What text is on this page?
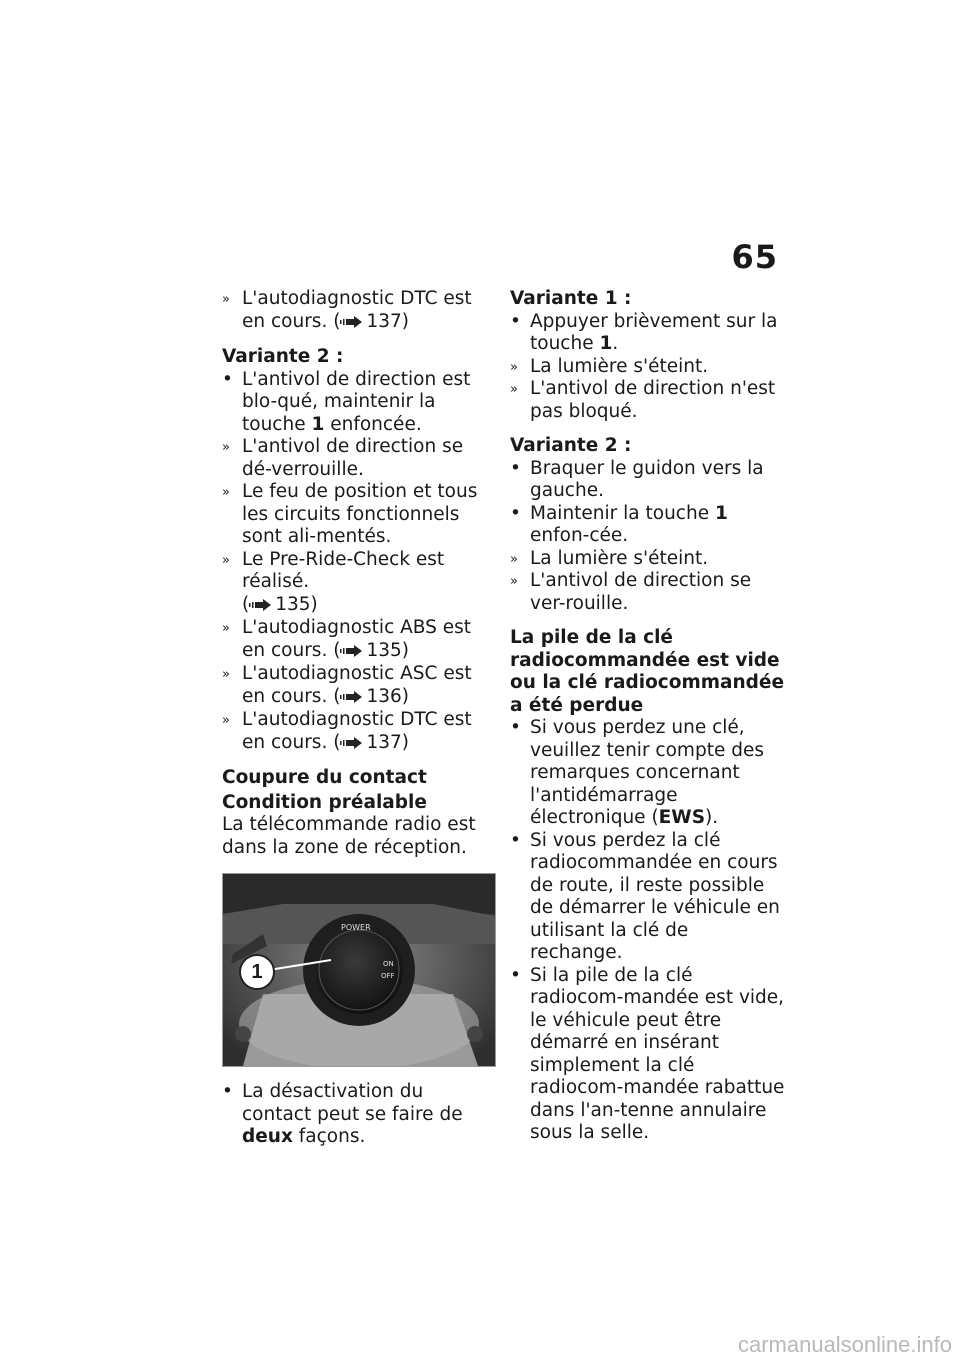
65

» L'autodiagnostic DTC est en cours. ( 137)

Variante 2 :

• L'antivol de direction est blo-qué, maintenir la touche 1 enfoncée.

» L'antivol de direction se dé-verrouille.

» Le feu de position et tous les circuits fonctionnels sont ali-mentés.

» Le Pre-Ride-Check est réalisé.
( 135)

» L'autodiagnostic ABS est en cours. ( 135)

» L'autodiagnostic ASC est en cours. ( 136)

» L'autodiagnostic DTC est en cours. ( 137)

Coupure du contact
Condition préalable

La télécommande radio est dans la zone de réception.

POWER
ON
OFF
1

• La désactivation du contact peut se faire de deux façons.

Variante 1 :

• Appuyer brièvement sur la touche 1.

» La lumière s'éteint.

» L'antivol de direction n'est pas bloqué.

Variante 2 :

• Braquer le guidon vers la gauche.

• Maintenir la touche 1 enfon-cée.

» La lumière s'éteint.

» L'antivol de direction se ver-rouille.

La pile de la clé radiocommandée est vide ou la clé radiocommandée a été perdue

• Si vous perdez une clé, veuillez tenir compte des remarques concernant l'antidémarrage électronique (EWS).

• Si vous perdez la clé radiocommandée en cours de route, il reste possible de démarrer le véhicule en utilisant la clé de rechange.

• Si la pile de la clé radiocom-mandée est vide, le véhicule peut être démarré en insérant simplement la clé radiocom-mandée rabattue dans l'an-tenne annulaire sous la selle.

carmanualsonline.info
